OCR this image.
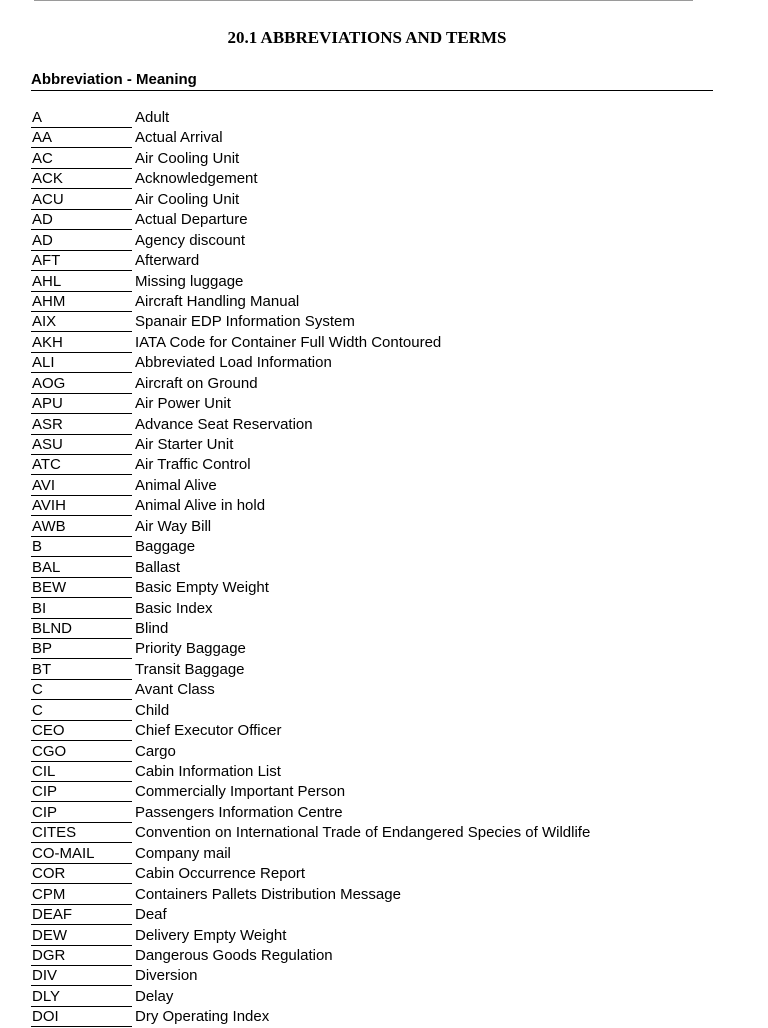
20.1 ABBREVIATIONS AND TERMS
Abbreviation - Meaning
A	Adult
AA	Actual Arrival
AC	Air Cooling Unit
ACK	Acknowledgement
ACU	Air Cooling Unit
AD	Actual Departure
AD	Agency discount
AFT	Afterward
AHL	Missing luggage
AHM	Aircraft Handling Manual
AIX	Spanair EDP Information System
AKH	IATA Code for Container Full Width Contoured
ALI	Abbreviated Load Information
AOG	Aircraft on Ground
APU	Air Power Unit
ASR	Advance Seat Reservation
ASU	Air Starter Unit
ATC	Air Traffic Control
AVI	Animal Alive
AVIH	Animal Alive in hold
AWB	Air Way Bill
B	Baggage
BAL	Ballast
BEW	Basic Empty Weight
BI	Basic Index
BLND	Blind
BP	Priority Baggage
BT	Transit Baggage
C	Avant Class
C	Child
CEO	Chief Executor Officer
CGO	Cargo
CIL	Cabin Information List
CIP	Commercially Important Person
CIP	Passengers Information Centre
CITES	Convention on International Trade of Endangered Species of Wildlife
CO-MAIL	Company mail
COR	Cabin Occurrence Report
CPM	Containers Pallets Distribution Message
DEAF	Deaf
DEW	Delivery Empty Weight
DGR	Dangerous Goods Regulation
DIV	Diversion
DLY	Delay
DOI	Dry Operating Index
